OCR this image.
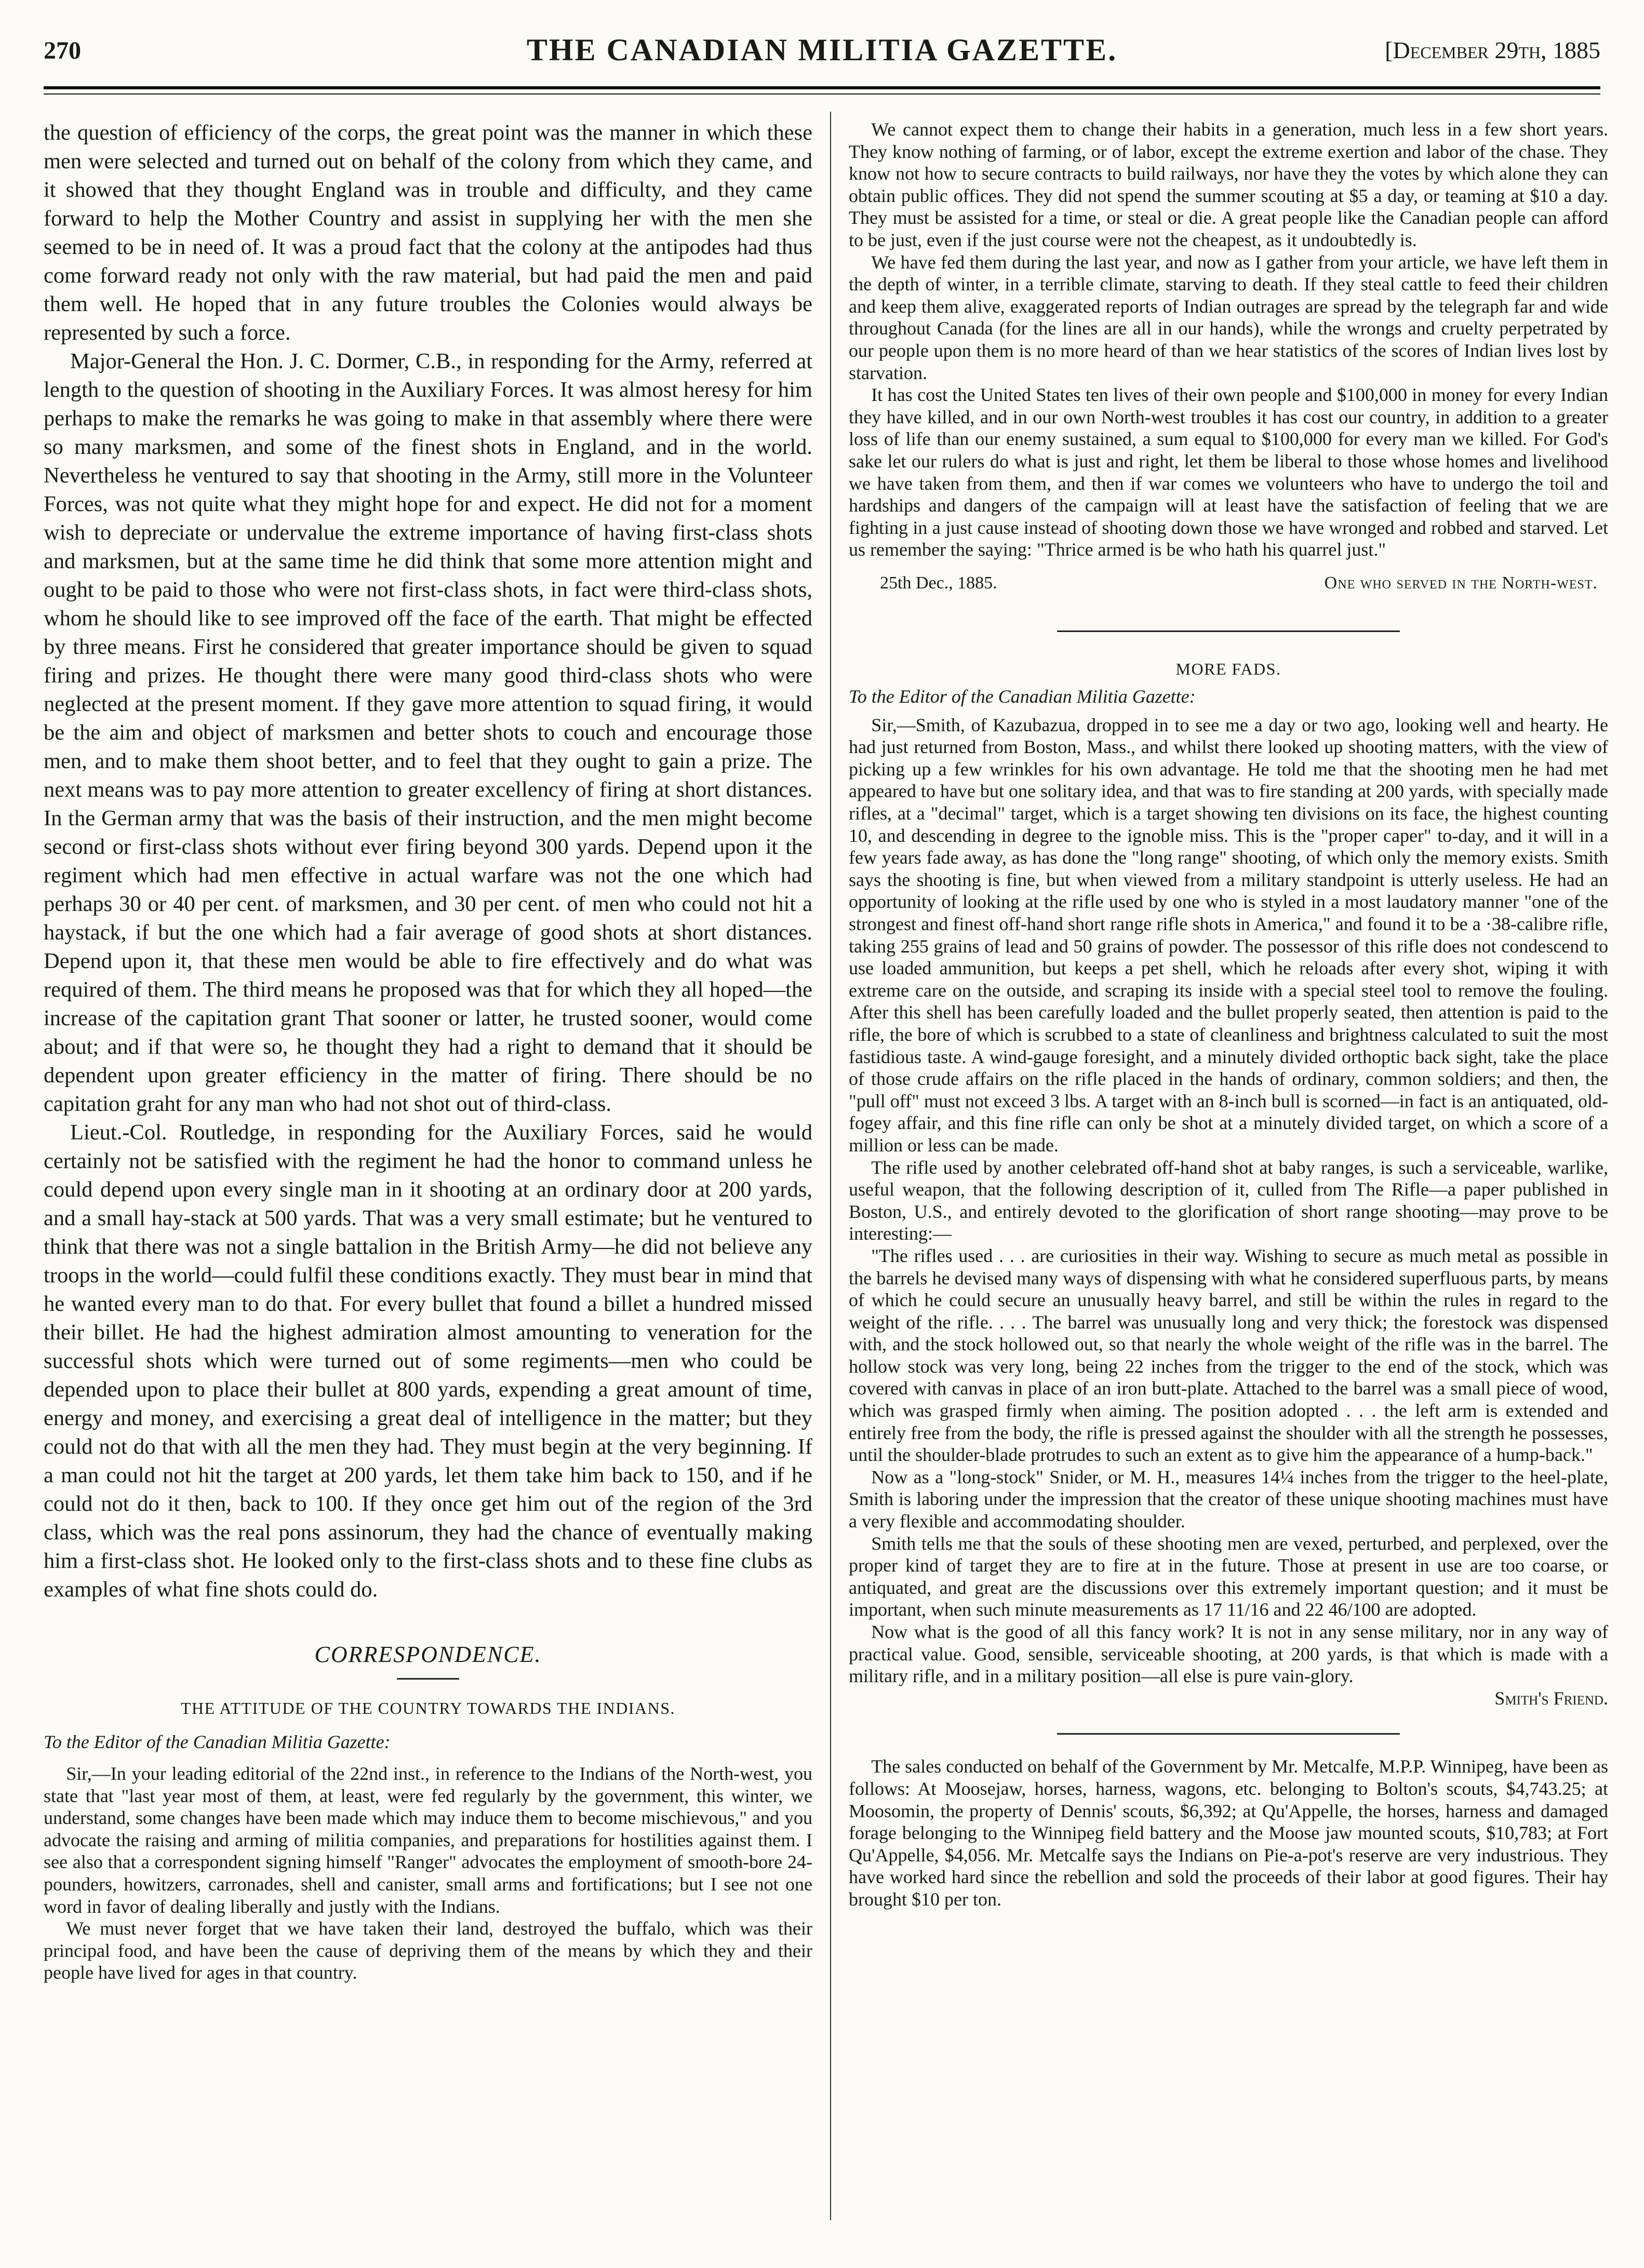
270	THE CANADIAN MILITIA GAZETTE.	[December 29th, 1885

the question of efficiency of the corps, the great point was the manner in which these men were selected and turned out on behalf of the colony from which they came, and it showed that they thought England was in trouble and difficulty, and they came forward to help the Mother Country and assist in supplying her with the men she seemed to be in need of. It was a proud fact that the colony at the antipodes had thus come forward ready not only with the raw material, but had paid the men and paid them well. He hoped that in any future troubles the Colonies would always be represented by such a force.

Major-General the Hon. J. C. Dormer, C.B., in responding for the Army, referred at length to the question of shooting in the Auxiliary Forces. It was almost heresy for him perhaps to make the remarks he was going to make in that assembly where there were so many marksmen, and some of the finest shots in England, and in the world. Nevertheless he ventured to say that shooting in the Army, still more in the Volunteer Forces, was not quite what they might hope for and expect. He did not for a moment wish to depreciate or undervalue the extreme importance of having first-class shots and marksmen, but at the same time he did think that some more attention might and ought to be paid to those who were not first-class shots, in fact were third-class shots, whom he should like to see improved off the face of the earth. That might be effected by three means. First he considered that greater importance should be given to squad firing and prizes. He thought there were many good third-class shots who were neglected at the present moment. If they gave more attention to squad firing, it would be the aim and object of marksmen and better shots to couch and encourage those men, and to make them shoot better, and to feel that they ought to gain a prize. The next means was to pay more attention to greater excellency of firing at short distances. In the German army that was the basis of their instruction, and the men might become second or first-class shots without ever firing beyond 300 yards. Depend upon it the regiment which had men effective in actual warfare was not the one which had perhaps 30 or 40 per cent. of marksmen, and 30 per cent. of men who could not hit a haystack, if but the one which had a fair average of good shots at short distances. Depend upon it, that these men would be able to fire effectively and do what was required of them. The third means he proposed was that for which they all hoped—the increase of the capitation grant That sooner or latter, he trusted sooner, would come about; and if that were so, he thought they had a right to demand that it should be dependent upon greater efficiency in the matter of firing. There should be no capitation graht for any man who had not shot out of third-class.

Lieut.-Col. Routledge, in responding for the Auxiliary Forces, said he would certainly not be satisfied with the regiment he had the honor to command unless he could depend upon every single man in it shooting at an ordinary door at 200 yards, and a small hay-stack at 500 yards. That was a very small estimate; but he ventured to think that there was not a single battalion in the British Army—he did not believe any troops in the world—could fulfil these conditions exactly. They must bear in mind that he wanted every man to do that. For every bullet that found a billet a hundred missed their billet. He had the highest admiration almost amounting to veneration for the successful shots which were turned out of some regiments—men who could be depended upon to place their bullet at 800 yards, expending a great amount of time, energy and money, and exercising a great deal of intelligence in the matter; but they could not do that with all the men they had. They must begin at the very beginning. If a man could not hit the target at 200 yards, let them take him back to 150, and if he could not do it then, back to 100. If they once get him out of the region of the 3rd class, which was the real pons assinorum, they had the chance of eventually making him a first-class shot. He looked only to the first-class shots and to these fine clubs as examples of what fine shots could do.

CORRESPONDENCE.
THE ATTITUDE OF THE COUNTRY TOWARDS THE INDIANS.
To the Editor of the Canadian Militia Gazette:

Sir,—In your leading editorial of the 22nd inst., in reference to the Indians of the North-west, you state that "last year most of them, at least, were fed regularly by the government, this winter, we understand, some changes have been made which may induce them to become mischievous," and you advocate the raising and arming of militia companies, and preparations for hostilities against them. I see also that a correspondent signing himself "Ranger" advocates the employment of smooth-bore 24-pounders, howitzers, carronades, shell and canister, small arms and fortifications; but I see not one word in favor of dealing liberally and justly with the Indians.

We must never forget that we have taken their land, destroyed the buffalo, which was their principal food, and have been the cause of depriving them of the means by which they and their people have lived for ages in that country.

We cannot expect them to change their habits in a generation, much less in a few short years. They know nothing of farming, or of labor, except the extreme exertion and labor of the chase. They know not how to secure contracts to build railways, nor have they the votes by which alone they can obtain public offices. They did not spend the summer scouting at $5 a day, or teaming at $10 a day. They must be assisted for a time, or steal or die. A great people like the Canadian people can afford to be just, even if the just course were not the cheapest, as it undoubtedly is.

We have fed them during the last year, and now as I gather from your article, we have left them in the depth of winter, in a terrible climate, starving to death. If they steal cattle to feed their children and keep them alive, exaggerated reports of Indian outrages are spread by the telegraph far and wide throughout Canada (for the lines are all in our hands), while the wrongs and cruelty perpetrated by our people upon them is no more heard of than we hear statistics of the scores of Indian lives lost by starvation.

It has cost the United States ten lives of their own people and $100,000 in money for every Indian they have killed, and in our own North-west troubles it has cost our country, in addition to a greater loss of life than our enemy sustained, a sum equal to $100,000 for every man we killed. For God's sake let our rulers do what is just and right, let them be liberal to those whose homes and livelihood we have taken from them, and then if war comes we volunteers who have to undergo the toil and hardships and dangers of the campaign will at least have the satisfaction of feeling that we are fighting in a just cause instead of shooting down those we have wronged and robbed and starved. Let us remember the saying: "Thrice armed is be who hath his quarrel just."

25th Dec., 1885.	One who served in the North-west.
MORE FADS.
To the Editor of the Canadian Militia Gazette:

Sir,—Smith, of Kazubazua, dropped in to see me a day or two ago, looking well and hearty. He had just returned from Boston, Mass., and whilst there looked up shooting matters, with the view of picking up a few wrinkles for his own advantage. He told me that the shooting men he had met appeared to have but one solitary idea, and that was to fire standing at 200 yards, with specially made rifles, at a "decimal" target, which is a target showing ten divisions on its face, the highest counting 10, and descending in degree to the ignoble miss. This is the "proper caper" to-day, and it will in a few years fade away, as has done the "long range" shooting, of which only the memory exists. Smith says the shooting is fine, but when viewed from a military standpoint is utterly useless. He had an opportunity of looking at the rifle used by one who is styled in a most laudatory manner "one of the strongest and finest off-hand short range rifle shots in America," and found it to be a ·38-calibre rifle, taking 255 grains of lead and 50 grains of powder. The possessor of this rifle does not condescend to use loaded ammunition, but keeps a pet shell, which he reloads after every shot, wiping it with extreme care on the outside, and scraping its inside with a special steel tool to remove the fouling. After this shell has been carefully loaded and the bullet properly seated, then attention is paid to the rifle, the bore of which is scrubbed to a state of cleanliness and brightness calculated to suit the most fastidious taste. A wind-gauge foresight, and a minutely divided orthoptic back sight, take the place of those crude affairs on the rifle placed in the hands of ordinary, common soldiers; and then, the "pull off" must not exceed 3 lbs. A target with an 8-inch bull is scorned—in fact is an antiquated, old-fogey affair, and this fine rifle can only be shot at a minutely divided target, on which a score of a million or less can be made.

The rifle used by another celebrated off-hand shot at baby ranges, is such a serviceable, warlike, useful weapon, that the following description of it, culled from The Rifle—a paper published in Boston, U.S., and entirely devoted to the glorification of short range shooting—may prove to be interesting:—

"The rifles used . . . are curiosities in their way. Wishing to secure as much metal as possible in the barrels he devised many ways of dispensing with what he considered superfluous parts, by means of which he could secure an unusually heavy barrel, and still be within the rules in regard to the weight of the rifle. . . . The barrel was unusually long and very thick; the forestock was dispensed with, and the stock hollowed out, so that nearly the whole weight of the rifle was in the barrel. The hollow stock was very long, being 22 inches from the trigger to the end of the stock, which was covered with canvas in place of an iron butt-plate. Attached to the barrel was a small piece of wood, which was grasped firmly when aiming. The position adopted . . . the left arm is extended and entirely free from the body, the rifle is pressed against the shoulder with all the strength he possesses, until the shoulder-blade protrudes to such an extent as to give him the appearance of a hump-back."

Now as a "long-stock" Snider, or M. H., measures 14¼ inches from the trigger to the heel-plate, Smith is laboring under the impression that the creator of these unique shooting machines must have a very flexible and accommodating shoulder.

Smith tells me that the souls of these shooting men are vexed, perturbed, and perplexed, over the proper kind of target they are to fire at in the future. Those at present in use are too coarse, or antiquated, and great are the discussions over this extremely important question; and it must be important, when such minute measurements as 17 11/16 and 22 46/100 are adopted.

Now what is the good of all this fancy work? It is not in any sense military, nor in any way of practical value. Good, sensible, serviceable shooting, at 200 yards, is that which is made with a military rifle, and in a military position—all else is pure vain-glory.

Smith's Friend.

The sales conducted on behalf of the Government by Mr. Metcalfe, M.P.P. Winnipeg, have been as follows: At Moosejaw, horses, harness, wagons, etc. belonging to Bolton's scouts, $4,743.25; at Moosomin, the property of Dennis' scouts, $6,392; at Qu'Appelle, the horses, harness and damaged forage belonging to the Winnipeg field battery and the Moose jaw mounted scouts, $10,783; at Fort Qu'Appelle, $4,056. Mr. Metcalfe says the Indians on Pie-a-pot's reserve are very industrious. They have worked hard since the rebellion and sold the proceeds of their labor at good figures. Their hay brought $10 per ton.
